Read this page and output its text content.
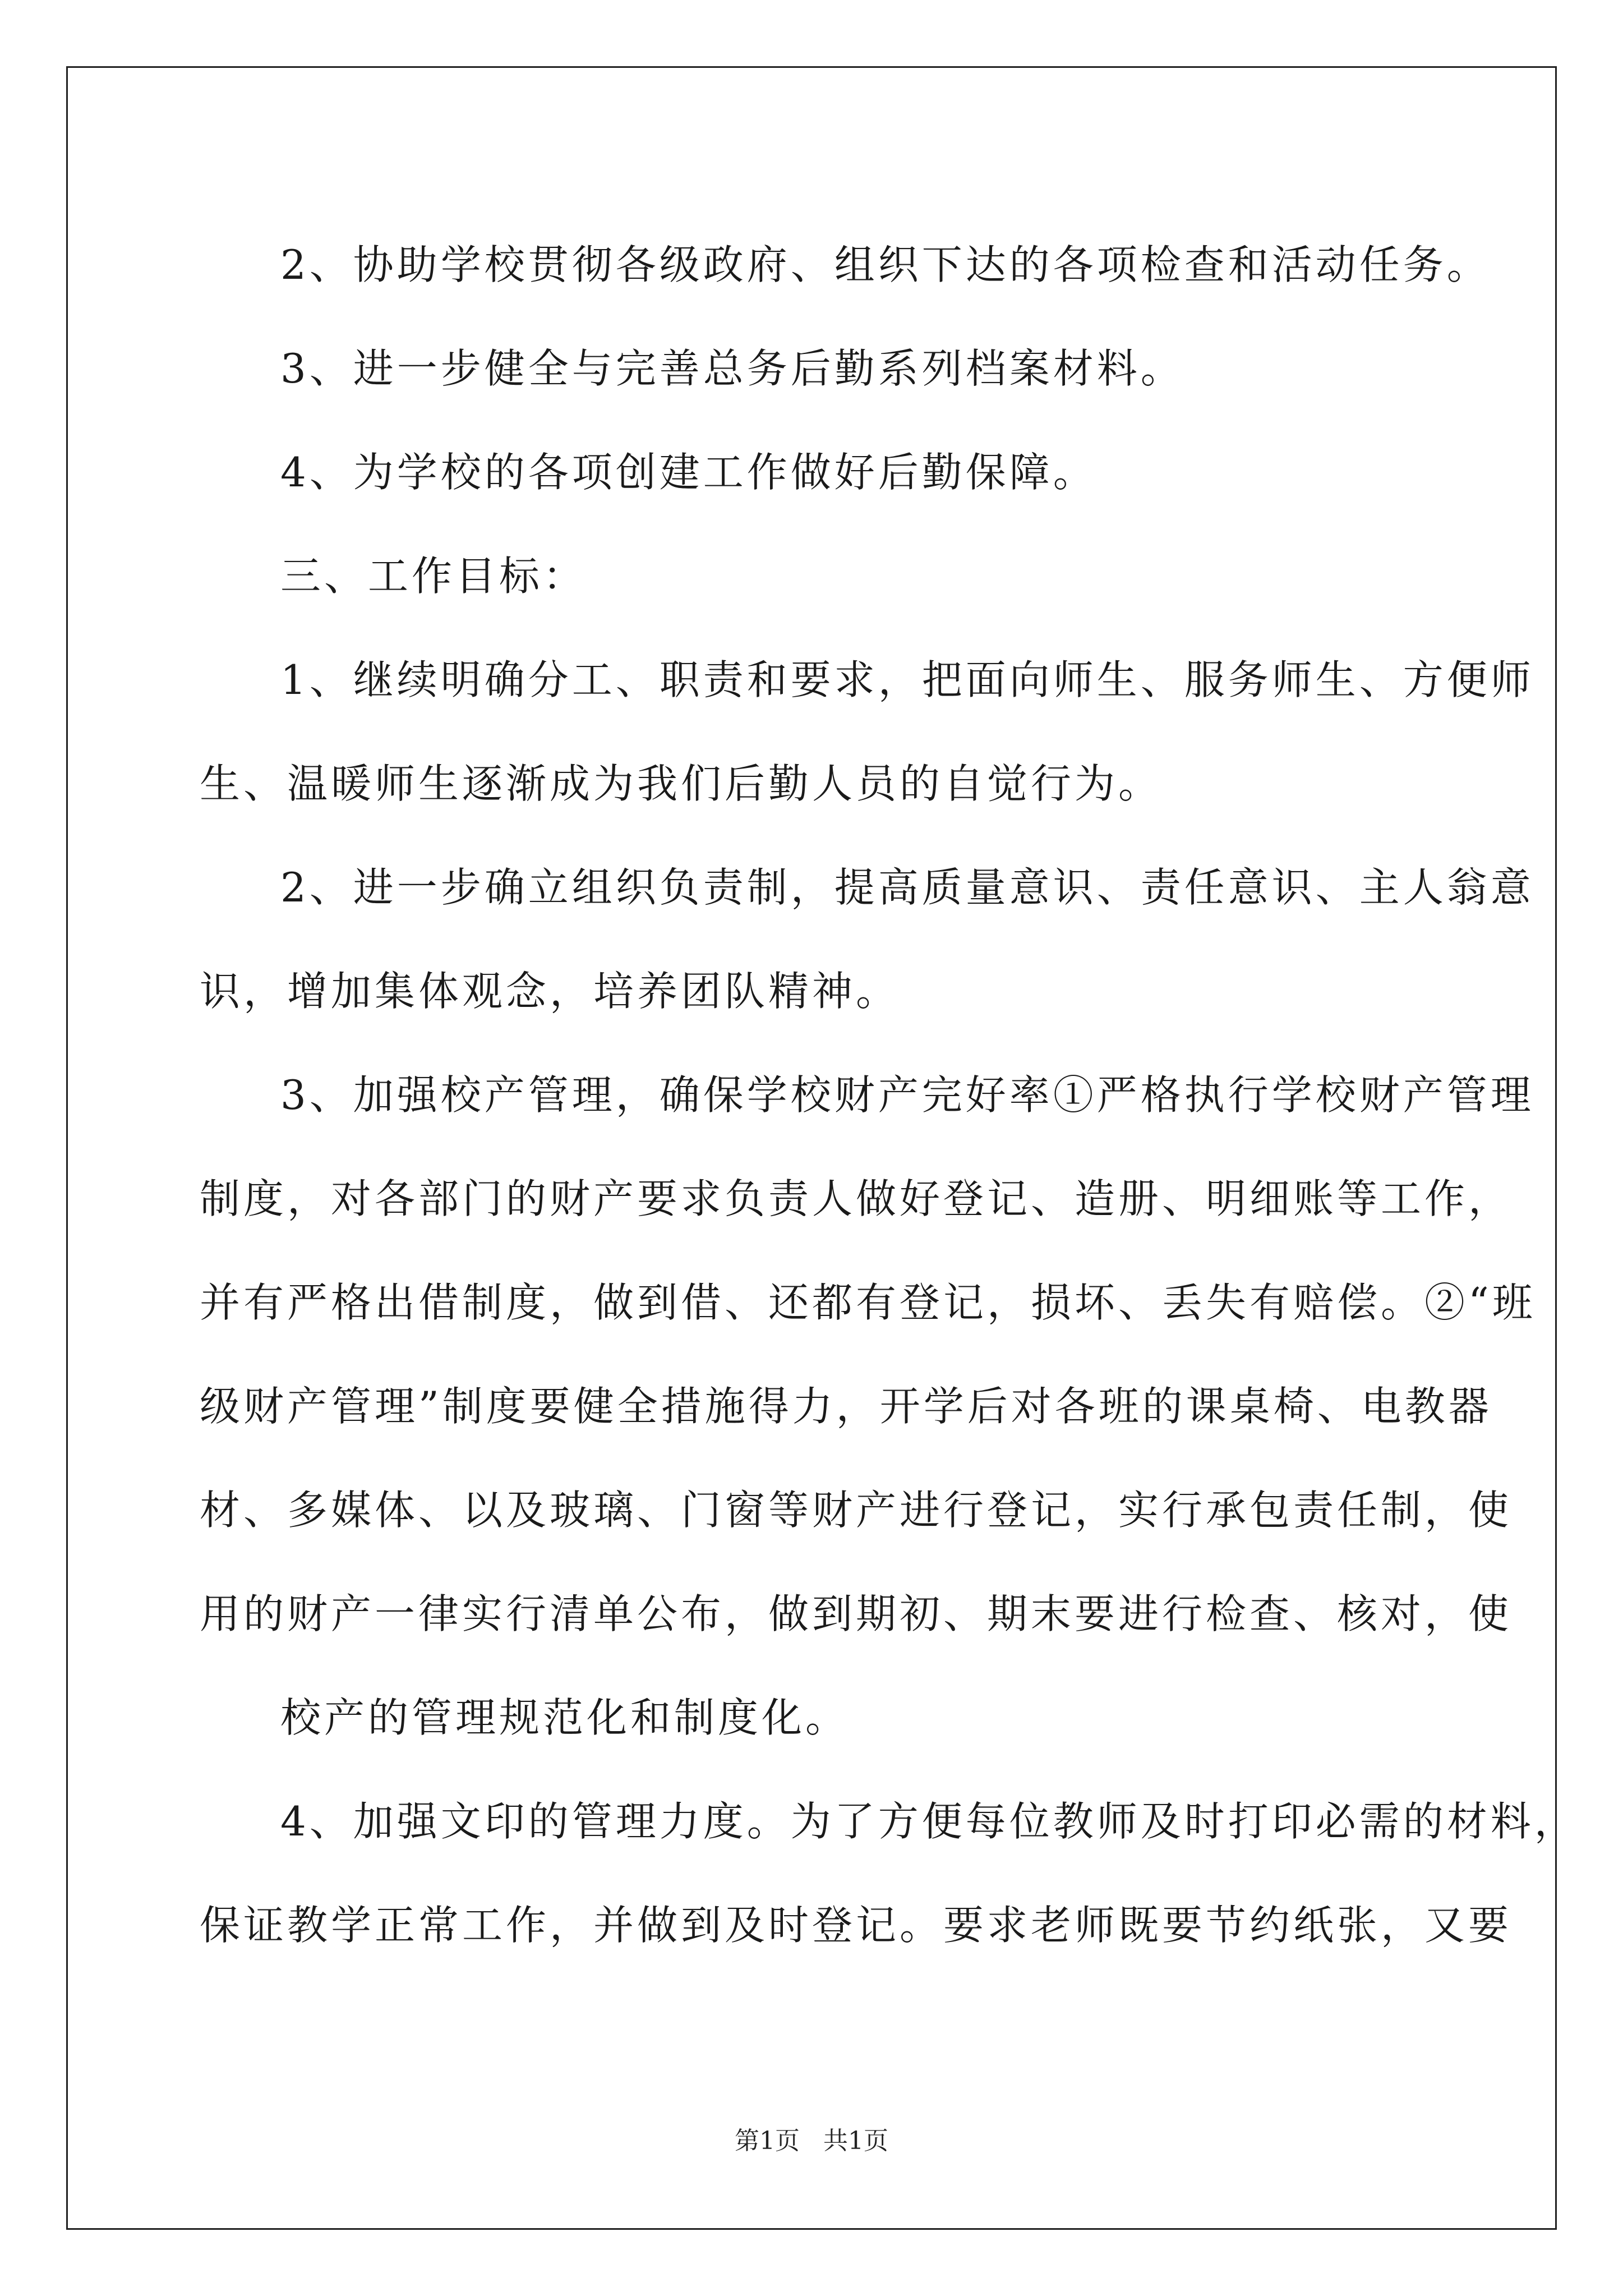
2、协助学校贯彻各级政府、组织下达的各项检查和活动任务。
3、进一步健全与完善总务后勤系列档案材料。
4、为学校的各项创建工作做好后勤保障。
三、工作目标：
1、继续明确分工、职责和要求，把面向师生、服务师生、方便师
生、温暖师生逐渐成为我们后勤人员的自觉行为。
2、进一步确立组织负责制，提高质量意识、责任意识、主人翁意
识，增加集体观念，培养团队精神。
3、加强校产管理，确保学校财产完好率①严格执行学校财产管理
制度，对各部门的财产要求负责人做好登记、造册、明细账等工作，
并有严格出借制度，做到借、还都有登记，损坏、丢失有赔偿。②“班
级财产管理”制度要健全措施得力，开学后对各班的课桌椅、电教器
材、多媒体、以及玻璃、门窗等财产进行登记，实行承包责任制，使
用的财产一律实行清单公布，做到期初、期末要进行检查、核对，使
校产的管理规范化和制度化。
4、加强文印的管理力度。为了方便每位教师及时打印必需的材料，
保证教学正常工作，并做到及时登记。要求老师既要节约纸张，又要
第1页 共1页
